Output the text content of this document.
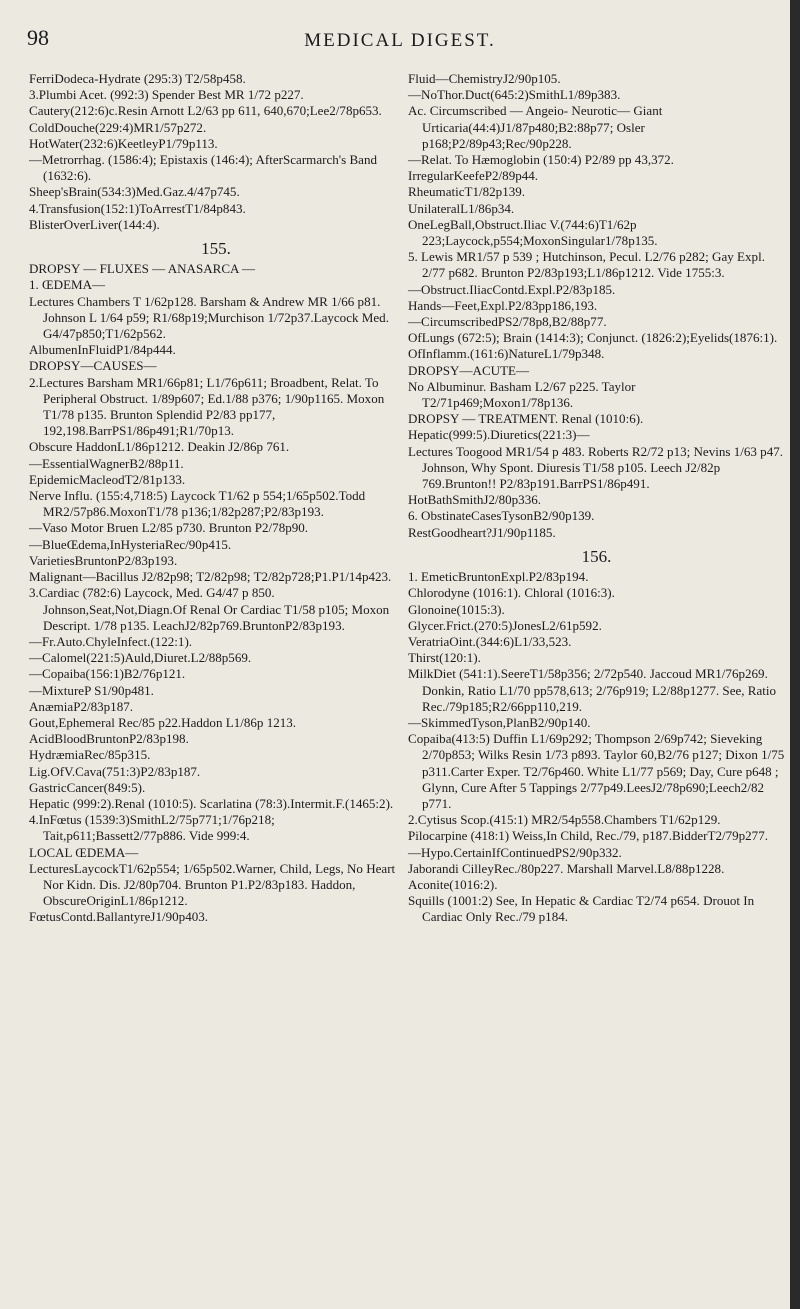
98	MEDICAL DIGEST.

FerriDodeca-Hydrate (295:3) T2/58p458.

3.Plumbi Acet. (992:3) Spender Best MR 1/72 p227.

Cautery(212:6)c.Resin Arnott L2/63 pp 611, 640,670;Lee2/78p653.

ColdDouche(229:4)MR1/57p272.

HotWater(232:6)KeetleyP1/79p113.

—Metrorrhag. (1586:4); Epistaxis (146:4); AfterScarmarch's Band (1632:6).

Sheep'sBrain(534:3)Med.Gaz.4/47p745.

4.Transfusion(152:1)ToArrestT1/84p843.

BlisterOverLiver(144:4).

155.

DROPSY — FLUXES — ANASARCA —

1. ŒDEMA—

Lectures Chambers T 1/62p128. Barsham & Andrew MR 1/66 p81. Johnson L 1/64 p59; R1/68p19;Murchison 1/72p37.Laycock Med. G4/47p850;T1/62p562.

AlbumenInFluidP1/84p444.

DROPSY—CAUSES—

2.Lectures Barsham MR1/66p81; L1/76p611; Broadbent, Relat. To Peripheral Obstruct. 1/89p607; Ed.1/88 p376; 1/90p1165. Moxon T1/78 p135. Brunton Splendid P2/83 pp177, 192,198.BarrPS1/86p491;R1/70p13.

Obscure HaddonL1/86p1212. Deakin J2/86p 761.

—EssentialWagnerB2/88p11.

EpidemicMacleodT2/81p133.

Nerve Influ. (155:4,718:5) Laycock T1/62 p 554;1/65p502.Todd MR2/57p86.MoxonT1/78 p136;1/82p287;P2/83p193.

—Vaso Motor Bruen L2/85 p730. Brunton P2/78p90.

—BlueŒdema,InHysteriaRec/90p415.

VarietiesBruntonP2/83p193.

Malignant—Bacillus J2/82p98; T2/82p98; T2/82p728;P1.P1/14p423.

3.Cardiac (782:6) Laycock, Med. G4/47 p 850. Johnson,Seat,Not,Diagn.Of Renal Or Cardiac T1/58 p105; Moxon Descript. 1/78 p135. LeachJ2/82p769.BruntonP2/83p193.

—Fr.Auto.ChyleInfect.(122:1).

—Calomel(221:5)Auld,Diuret.L2/88p569.

—Copaiba(156:1)B2/76p121.

—MixtureP S1/90p481.

AnæmiaP2/83p187.

Gout,Ephemeral Rec/85 p22.Haddon L1/86p 1213.

AcidBloodBruntonP2/83p198.

HydræmiaRec/85p315.

Lig.OfV.Cava(751:3)P2/83p187.

GastricCancer(849:5).

Hepatic (999:2).Renal (1010:5). Scarlatina (78:3).Intermit.F.(1465:2).

4.InFœtus (1539:3)SmithL2/75p771;1/76p218; Tait,p611;Bassett2/77p886. Vide 999:4.

LOCAL ŒDEMA—

LecturesLaycockT1/62p554; 1/65p502.Warner, Child, Legs, No Heart Nor Kidn. Dis. J2/80p704. Brunton P1.P2/83p183. Haddon, ObscureOriginL1/86p1212.

FœtusContd.BallantyreJ1/90p403.

Fluid—ChemistryJ2/90p105.

—NoThor.Duct(645:2)SmithL1/89p383.

Ac. Circumscribed — Angeio- Neurotic— Giant Urticaria(44:4)J1/87p480;B2:88p77; Osler p168;P2/89p43;Rec/90p228.

—Relat. To Hæmoglobin (150:4) P2/89 pp 43,372.

IrregularKeefeP2/89p44.

RheumaticT1/82p139.

UnilateralL1/86p34.

OneLegBall,Obstruct.Iliac V.(744:6)T1/62p 223;Laycock,p554;MoxonSingular1/78p135.

5. Lewis MR1/57 p 539 ; Hutchinson, Pecul. L2/76 p282; Gay Expl. 2/77 p682. Brunton P2/83p193;L1/86p1212. Vide 1755:3.

—Obstruct.IliacContd.Expl.P2/83p185.

Hands—Feet,Expl.P2/83pp186,193.

—CircumscribedPS2/78p8,B2/88p77.

OfLungs (672:5); Brain (1414:3); Conjunct. (1826:2);Eyelids(1876:1).

OfInflamm.(161:6)NatureL1/79p348.

DROPSY—ACUTE—

No Albuminur. Basham L2/67 p225. Taylor T2/71p469;Moxon1/78p136.

DROPSY — TREATMENT. Renal (1010:6).

Hepatic(999:5).Diuretics(221:3)—

Lectures Toogood MR1/54 p 483. Roberts R2/72 p13; Nevins 1/63 p47. Johnson, Why Spont. Diuresis T1/58 p105. Leech J2/82p 769.Brunton!! P2/83p191.BarrPS1/86p491.

HotBathSmithJ2/80p336.

6. ObstinateCasesTysonB2/90p139.

RestGoodheart?J1/90p1185.

156.

1. EmeticBruntonExpl.P2/83p194.

Chlorodyne (1016:1). Chloral (1016:3).

Glonoine(1015:3).

Glycer.Frict.(270:5)JonesL2/61p592.

VeratriaOint.(344:6)L1/33,523.

Thirst(120:1).

MilkDiet (541:1).SeereT1/58p356; 2/72p540. Jaccoud MR1/76p269. Donkin, Ratio L1/70 pp578,613; 2/76p919; L2/88p1277. See, Ratio Rec./79p185;R2/66pp110,219.

—SkimmedTyson,PlanB2/90p140.

Copaiba(413:5) Duffin L1/69p292; Thompson 2/69p742; Sieveking 2/70p853; Wilks Resin 1/73 p893. Taylor 60,B2/76 p127; Dixon 1/75 p311.Carter Exper. T2/76p460. White L1/77 p569; Day, Cure p648 ; Glynn, Cure After 5 Tappings 2/77p49.LeesJ2/78p690;Leech2/82 p771.

2.Cytisus Scop.(415:1) MR2/54p558.Chambers T1/62p129.

Pilocarpine (418:1) Weiss,In Child, Rec./79, p187.BidderT2/79p277.

—Hypo.CertainIfContinuedPS2/90p332.

Jaborandi CilleyRec./80p227. Marshall Marvel.L8/88p1228.

Aconite(1016:2).

Squills (1001:2) See, In Hepatic & Cardiac T2/74 p654. Drouot In Cardiac Only Rec./79 p184.
